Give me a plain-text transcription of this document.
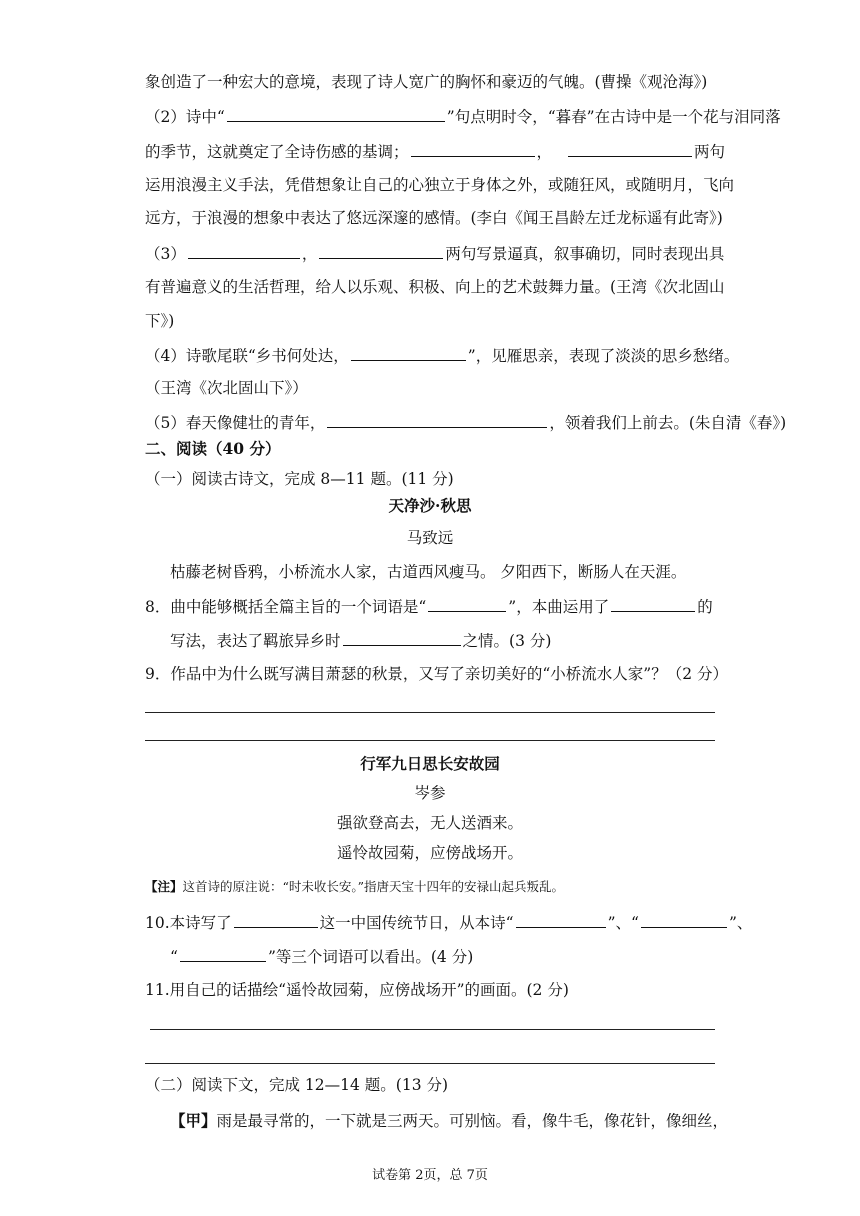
象创造了一种宏大的意境，表现了诗人宽广的胸怀和豪迈的气魄。(曹操《观沧海》)
（2）诗中“	”句点明时令，“暮春”在古诗中是一个花与泪同落
的季节，这就奠定了全诗伤感的基调；	，	两句
运用浪漫主义手法，凭借想象让自己的心独立于身体之外，或随狂风，或随明月，飞向
远方，于浪漫的想象中表达了悠远深邃的感情。(李白《闻王昌龄左迁龙标遥有此寄》)
（3）	，	两句写景逼真，叙事确切，同时表现出具
有普遍意义的生活哲理，给人以乐观、积极、向上的艺术鼓舞力量。(王湾《次北固山
下》)
（4）诗歌尾联“乡书何处达，	”，见雁思亲，表现了淡淡的思乡愁绪。
（王湾《次北固山下》）
（5）春天像健壮的青年，	，领着我们上前去。(朱自清《春》)
二、阅读（40 分）
（一）阅读古诗文，完成 8—11 题。(11 分)
天净沙·秋思
马致远
枯藤老树昏鸦，小桥流水人家，古道西风瘦马。 夕阳西下，断肠人在天涯。
8．曲中能够概括全篇主旨的一个词语是“	”，本曲运用了	的
写法，表达了羁旅异乡时	之情。(3 分)
9．作品中为什么既写满目萧瑟的秋景，又写了亲切美好的“小桥流水人家”？（2 分）
行军九日思长安故园
岑参
强欲登高去，无人送酒来。
遥怜故园菊，应傍战场开。
【注】这首诗的原注说：“时未收长安。”指唐天宝十四年的安禄山起兵叛乱。
10.本诗写了	这一中国传统节日，从本诗“	”、“	”、
“	”等三个词语可以看出。(4 分)
11.用自己的话描绘“遥怜故园菊，应傍战场开”的画面。(2 分)
（二）阅读下文，完成 12—14 题。(13 分)
【甲】雨是最寻常的，一下就是三两天。可别恼。看，像牛毛，像花针，像细丝，
试卷第 2页，总 7页
